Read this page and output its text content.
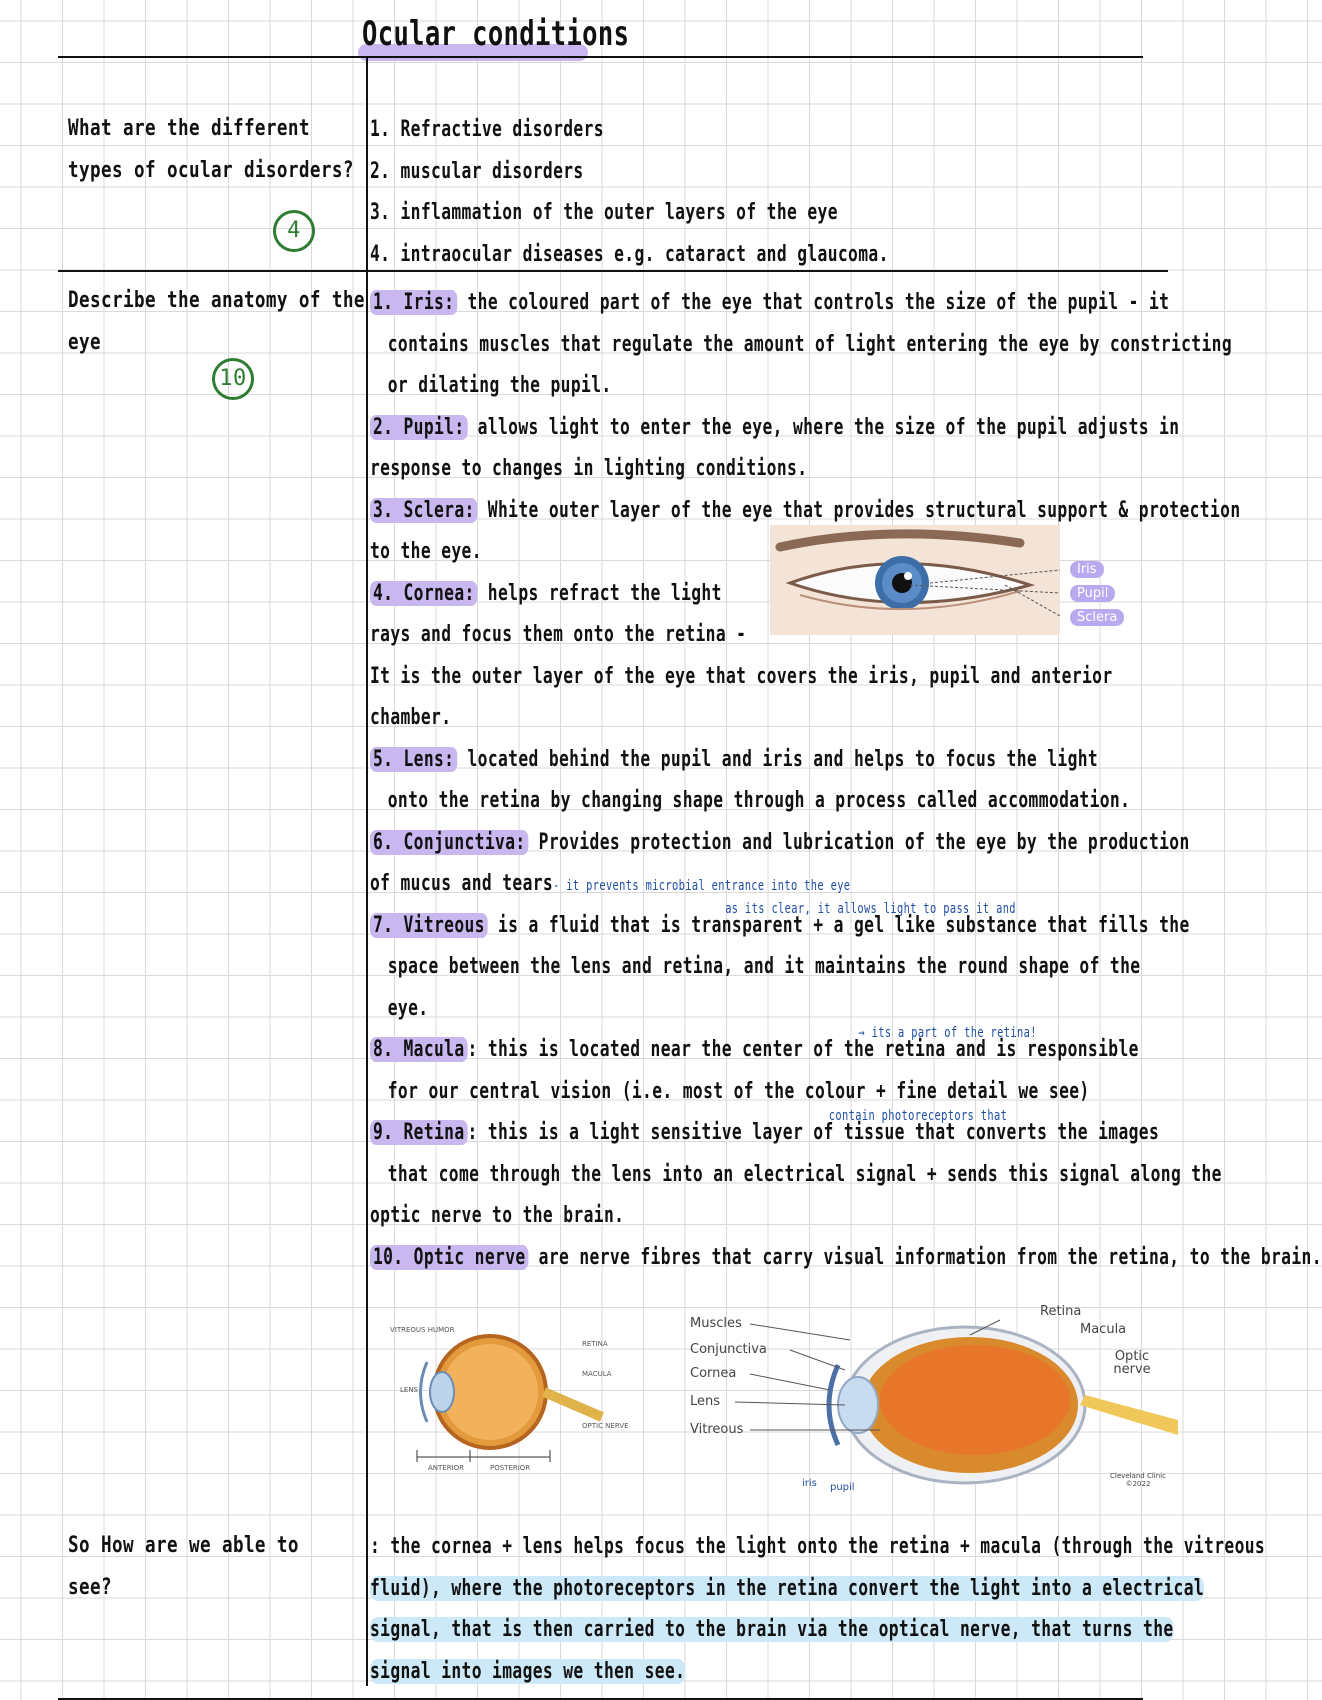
Ocular conditions
What are the different
types of ocular disorders?
4
1. Refractive disorders
2. muscular disorders
3. inflammation of the outer layers of the eye
4. intraocular diseases e.g. cataract and glaucoma.
Describe the anatomy of the
eye
10
1. Iris: the coloured part of the eye that controls the size of the pupil - it
contains muscles that regulate the amount of light entering the eye by constricting
or dilating the pupil.
2. Pupil: allows light to enter the eye, where the size of the pupil adjusts in
response to changes in lighting conditions.
3. Sclera: White outer layer of the eye that provides structural support & protection
to the eye.
4. Cornea: helps refract the light
rays and focus them onto the retina -
It is the outer layer of the eye that covers the iris, pupil and anterior
chamber.
5. Lens: located behind the pupil and iris and helps to focus the light
onto the retina by changing shape through a process called accommodation.
6. Conjunctiva: Provides protection and lubrication of the eye by the production
of mucus and tears- it prevents microbial entrance into the eye
as its clear, it allows light to pass it and
7. Vitreous is a fluid that is transparent + a gel like substance that fills the
space between the lens and retina, and it maintains the round shape of the
eye.
→ its a part of the retina!
8. Macula : this is located near the center of the retina and is responsible
for our central vision (i.e. most of the colour + fine detail we see)
contain photoreceptors that
9. Retina : this is a light sensitive layer of tissue that converts the images
that come through the lens into an electrical signal + sends this signal along the
optic nerve to the brain.
10. Optic nerve are nerve fibres that carry visual information from the retina, to the brain.
Iris
Pupil
Sclera
VITREOUS HUMOR
RETINA
MACULA
LENS
OPTIC NERVE
ANTERIOR	POSTERIOR
Muscles
Conjunctiva
Cornea
Lens
Vitreous
Retina
Macula
Optic nerve
iris pupil
Cleveland Clinic ©2022
So How are we able to
see?
: the cornea + lens helps focus the light onto the retina + macula (through the vitreous
fluid), where the photoreceptors in the retina convert the light into a electrical
signal, that is then carried to the brain via the optical nerve, that turns the
signal into images we then see.
